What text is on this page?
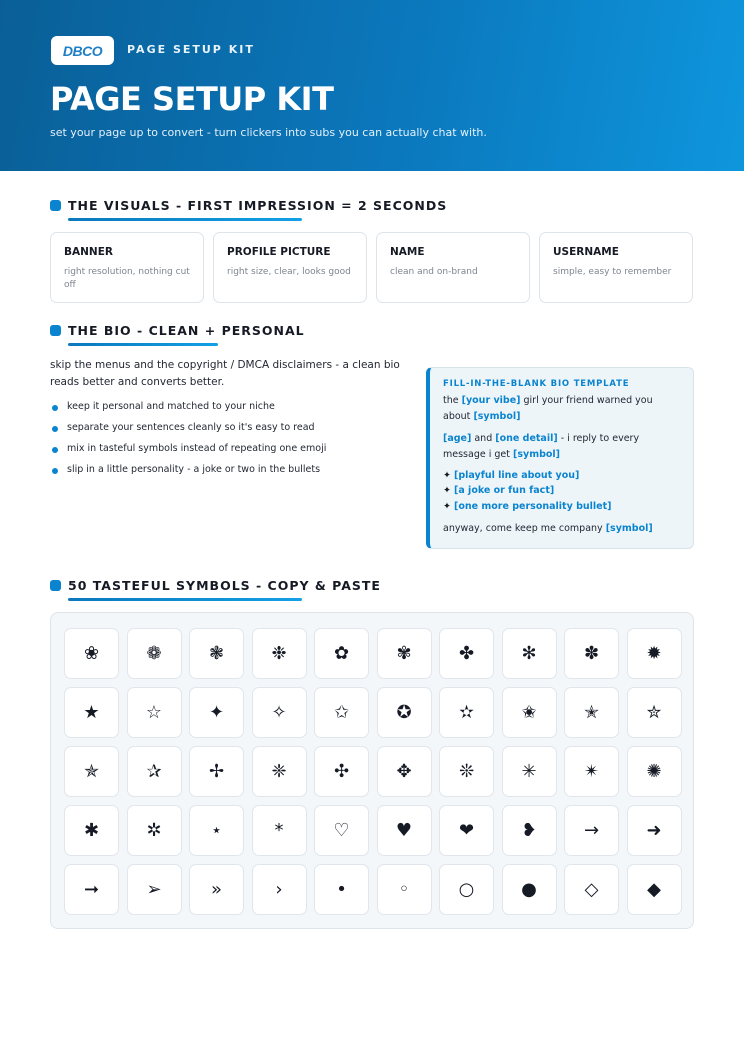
DBCO PAGE SETUP KIT
PAGE SETUP KIT
set your page up to convert - turn clickers into subs you can actually chat with.
THE VISUALS - FIRST IMPRESSION = 2 SECONDS
BANNER
right resolution, nothing cut off
PROFILE PICTURE
right size, clear, looks good
NAME
clean and on-brand
USERNAME
simple, easy to remember
THE BIO - CLEAN + PERSONAL

skip the menus and the copyright / DMCA disclaimers - a clean bio reads better and converts better.

keep it personal and matched to your niche
separate your sentences cleanly so it's easy to read
mix in tasteful symbols instead of repeating one emoji
slip in a little personality - a joke or two in the bullets
FILL-IN-THE-BLANK BIO TEMPLATE

the [your vibe] girl your friend warned you about [symbol]

[age] and [one detail] - i reply to every message i get [symbol]

✦ [playful line about you]

✦ [a joke or fun fact]

✦ [one more personality bullet]

anyway, come keep me company [symbol]

50 TASTEFUL SYMBOLS - COPY & PASTE
❀	❁	❃	❉	✿	✾	✤	✻	✽	✹
★	☆	✦	✧	✩	✪	✫	✬	✭	✮
✯	✰	✢	❈	✣	✥	❊	✳	✴	✺
✱	✲	⋆	*	♡	♥	❤	❥	→	➜
➞	➢	»	›	•	◦	○	●	◇	◆
